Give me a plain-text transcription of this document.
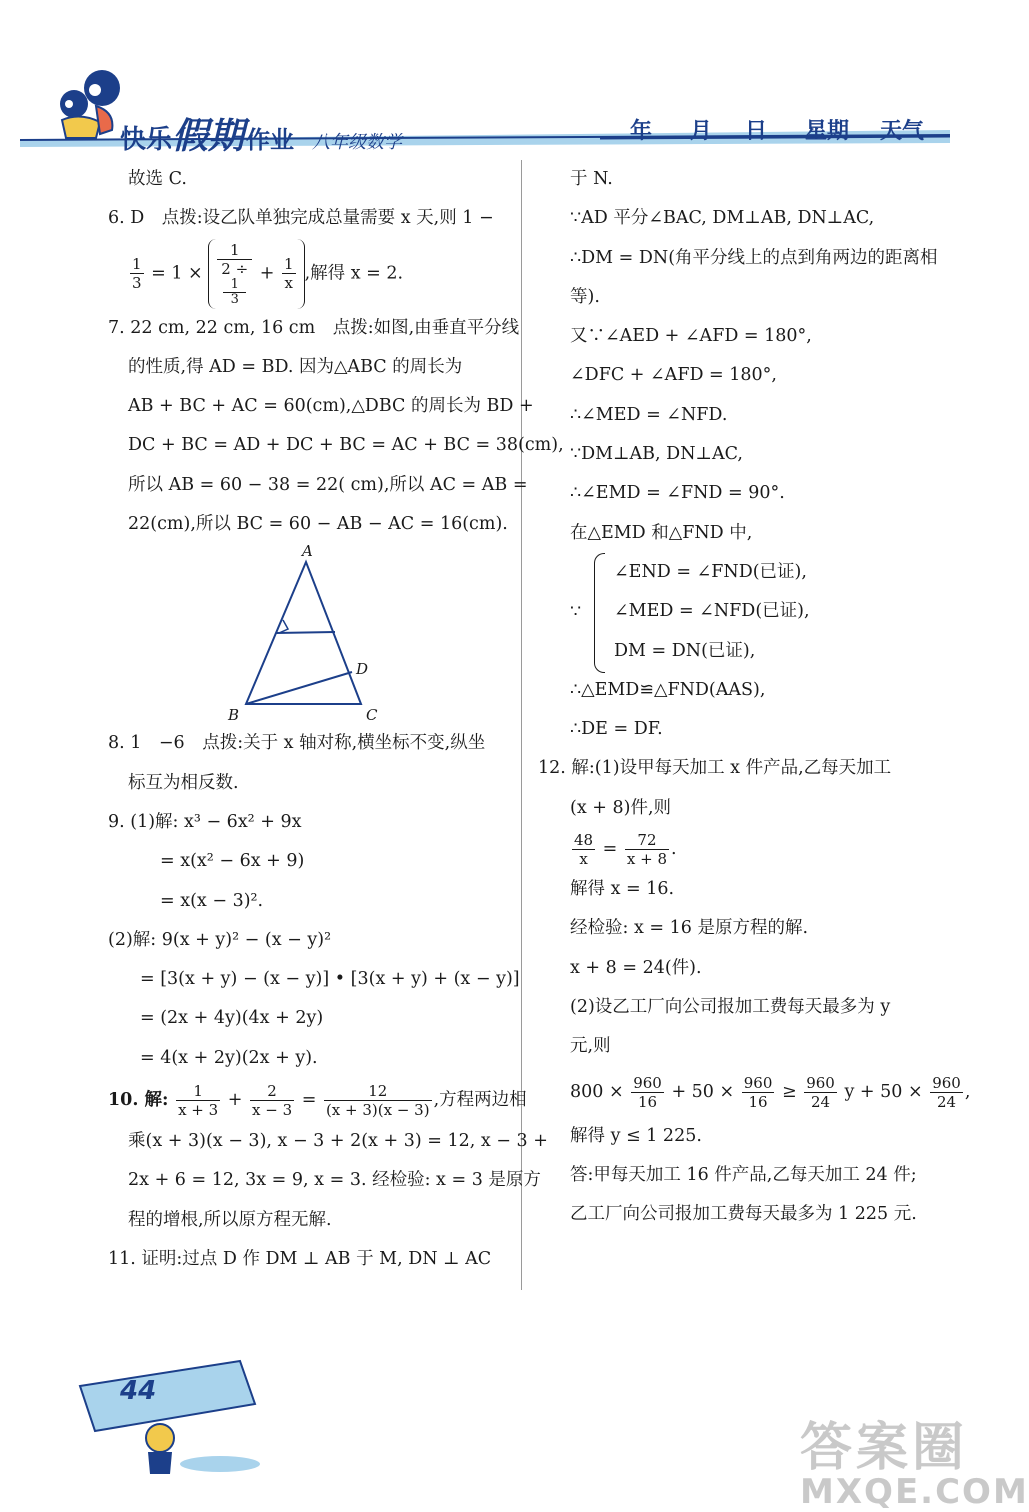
快乐假期作业 八年级数学	年 月 日 星期 天气

故选 C.

6. D　点拨:设乙队单独完成总量需要 x 天,则 1 −

$\frac{1}{3} = 1 \times 1$
2 ÷
1
$3 + \frac{1}{x}$ ,解得 x = 2.

7. 22 cm, 22 cm, 16 cm　点拨:如图,由垂直平分线

的性质,得 AD = BD. 因为△ABC 的周长为

AB + BC + AC = 60(cm),△DBC 的周长为 BD +

DC + BC = AD + DC + BC = AC + BC = 38(cm),

所以 AB = 60 − 38 = 22( cm),所以 AC = AB =

22(cm),所以 BC = 60 − AB − AC = 16(cm).

A
B	C
D

8. 1　−6　点拨:关于 x 轴对称,横坐标不变,纵坐

标互为相反数.

9. (1)解: x³ − 6x² + 9x

= x(x² − 6x + 9)

= x(x − 3)².

(2)解: 9(x + y)² − (x − y)²

= [3(x + y) − (x − y)] • [3(x + y) + (x − y)]

= (2x + 4y)(4x + 2y)

= 4(x + 2y)(2x + y).

10. 解: $\frac{1}{x + 3} + \frac{2}{x - 3} = \frac{12}{(x + 3)(x - 3)}$ ,方程两边相

乘(x + 3)(x − 3), x − 3 + 2(x + 3) = 12, x − 3 +

2x + 6 = 12, 3x = 9, x = 3. 经检验: x = 3 是原方

程的增根,所以原方程无解.

11. 证明:过点 D 作 DM ⊥ AB 于 M, DN ⊥ AC

于 N.

∵AD 平分∠BAC, DM⊥AB, DN⊥AC,

∴DM = DN(角平分线上的点到角两边的距离相

等).

又∵∠AED + ∠AFD = 180°,

∠DFC + ∠AFD = 180°,

∴∠MED = ∠NFD.

∵DM⊥AB, DN⊥AC,

∴∠EMD = ∠FND = 90°.

在△EMD 和△FND 中,

∵

∠END = ∠FND(已证),

∠MED = ∠NFD(已证),

DM = DN(已证),

∴△EMD≌△FND(AAS),

∴DE = DF.

12. 解:(1)设甲每天加工 x 件产品,乙每天加工

(x + 8)件,则

$\frac{48}{x} = \frac{72}{x + 8}$ .

解得 x = 16.

经检验: x = 16 是原方程的解.

x + 8 = 24(件).

(2)设乙工厂向公司报加工费每天最多为 y

元,则

$800 \times \frac{960}{16} + 50 \times \frac{960}{16} \ge \frac{960}{24}$ $y + 50 \times \frac{960}{24}$ ,

解得 y ≤ 1 225.

答:甲每天加工 16 件产品,乙每天加工 24 件;

乙工厂向公司报加工费每天最多为 1 225 元.

44
答案圈
MXQE.COM
